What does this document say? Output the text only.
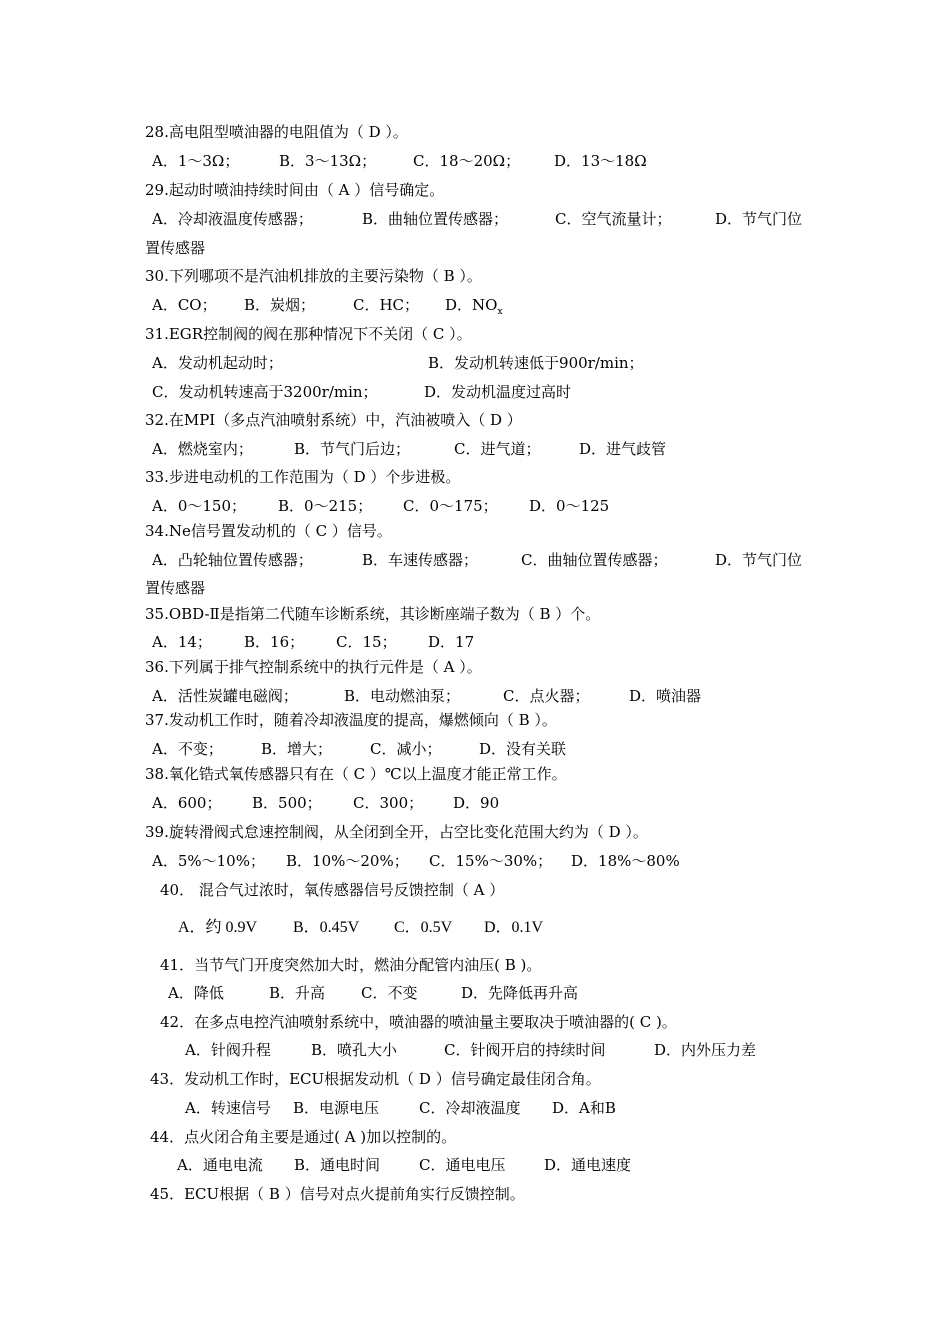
28.高电阻型喷油器的电阻值为（ D ）。
A．1～3Ω；	B．3～13Ω； C．18～20Ω； D．13～18Ω
29.起动时喷油持续时间由（ A ）信号确定。
A．冷却液温度传感器；	B．曲轴位置传感器；	C．空气流量计；	D．节气门位
置传感器
30.下列哪项不是汽油机排放的主要污染物（ B ）。
A．CO； B．炭烟；	C．HC； D．NOx
31.EGR控制阀的阀在那种情况下不关闭（ C ）。
A．发动机起动时；	B．发动机转速低于900r/min；
C．发动机转速高于3200r/min；	D．发动机温度过高时
32.在MPI（多点汽油喷射系统）中，汽油被喷入（ D ）
A．燃烧室内；	B．节气门后边；	C．进气道；	D．进气歧管
33.步进电动机的工作范围为（ D ）个步进极。
A．0～150； B．0～215； C．0～175； D．0～125
34.Ne信号置发动机的（ C ）信号。
A．凸轮轴位置传感器；	B．车速传感器；	C．曲轴位置传感器；	D．节气门位
置传感器
35.OBD-Ⅱ是指第二代随车诊断系统，其诊断座端子数为（ B ）个。
A．14； B．16； C．15； D．17
36.下列属于排气控制系统中的执行元件是（ A ）。
A．活性炭罐电磁阀；	B．电动燃油泵；	C．点火器；	D．喷油器
37.发动机工作时，随着冷却液温度的提高，爆燃倾向（ B ）。
A．不变；	B．增大；	C．减小；	D．没有关联
38.氧化锆式氧传感器只有在（ C ）℃以上温度才能正常工作。
A．600； B．500； C．300； D．90
39.旋转滑阀式怠速控制阀，从全闭到全开，占空比变化范围大约为（ D ）。
A．5%～10%； B．10%～20%； C．15%～30%； D．18%～80%
40． 混合气过浓时，氧传感器信号反馈控制（ A ）
A．约 0.9V B．0.45V C．0.5V D．0.1V
41．当节气门开度突然加大时，燃油分配管内油压( B )。
A．降低	B．升高 C．不变	D．先降低再升高
42．在多点电控汽油喷射系统中，喷油器的喷油量主要取决于喷油器的( C )。
A．针阀升程	B．喷孔大小	C．针阀开启的持续时间	D．内外压力差
43．发动机工作时，ECU根据发动机（ D ）信号确定最佳闭合角。
A．转速信号 B．电源电压	C．冷却液温度 D．A和B
44．点火闭合角主要是通过( A )加以控制的。
A．通电电流 B．通电时间	C．通电电压	D．通电速度
45．ECU根据（ B ）信号对点火提前角实行反馈控制。
